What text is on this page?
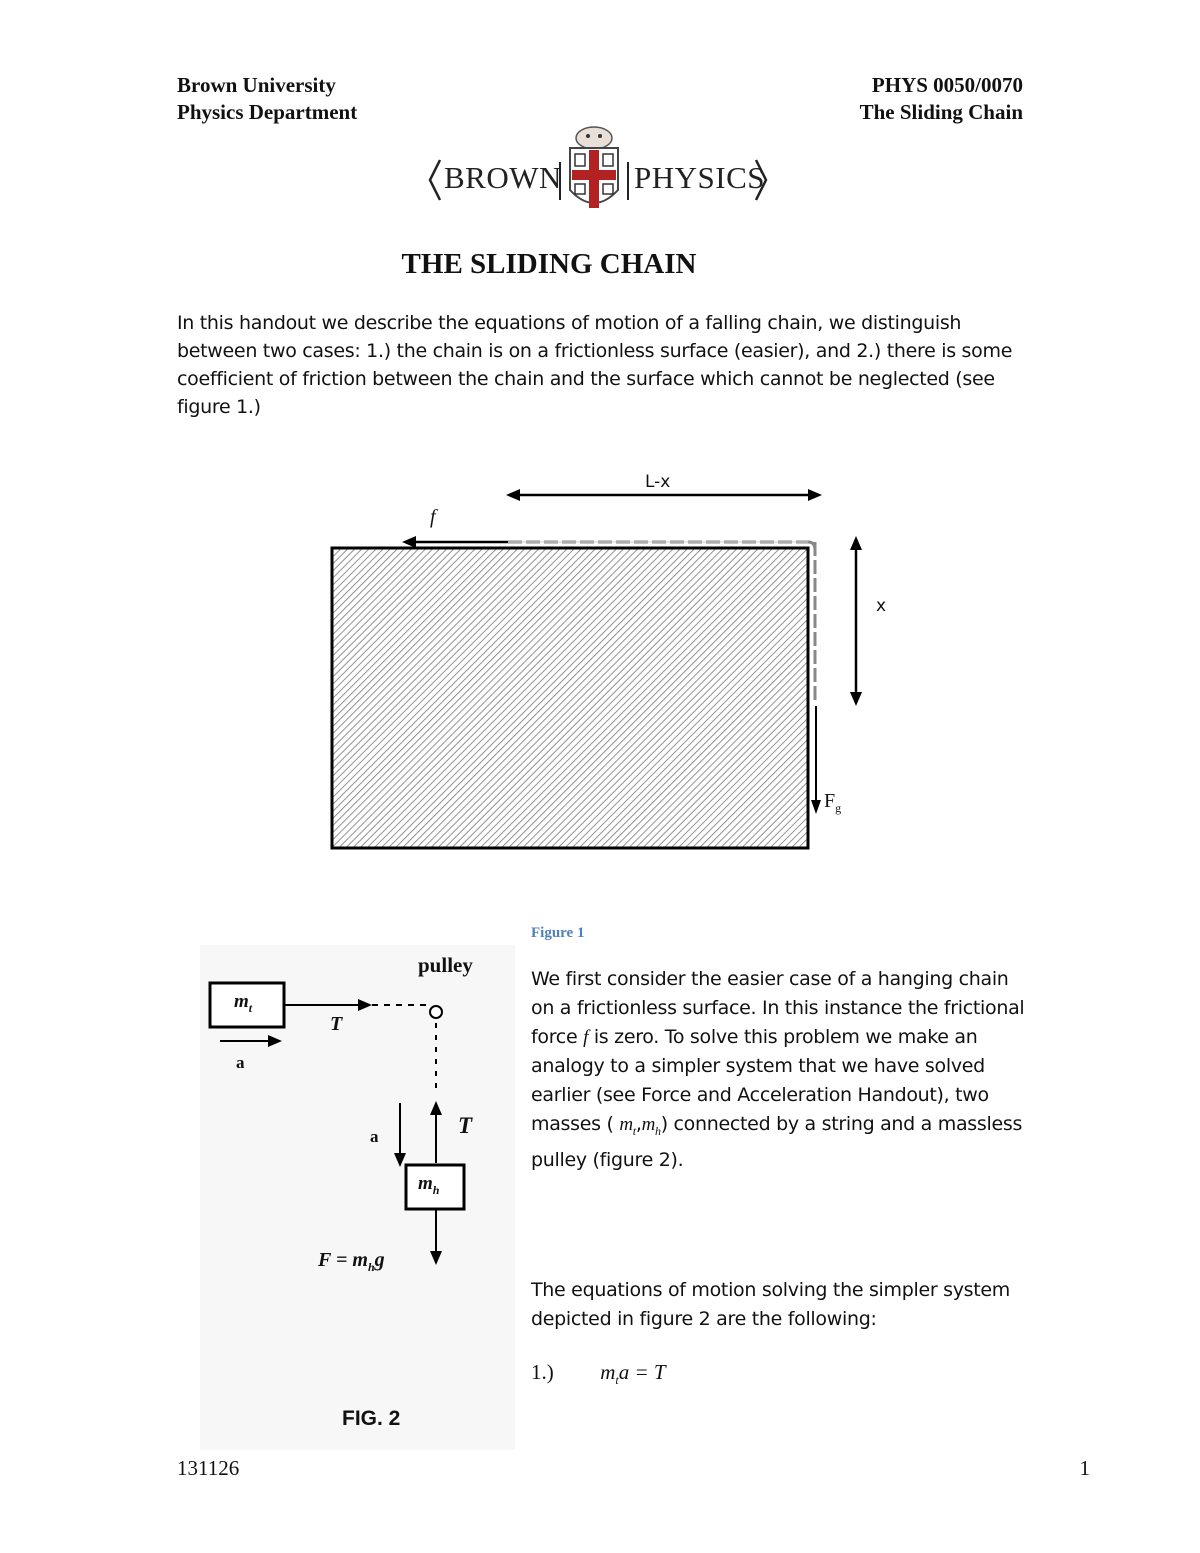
Brown University
Physics Department
PHYS 0050/0070
The Sliding Chain
BROWN PHYSICS
THE SLIDING CHAIN
In this handout we describe the equations of motion of a falling chain, we distinguish between two cases: 1.) the chain is on a frictionless surface (easier), and 2.) there is some coefficient of friction between the chain and the surface which cannot be neglected (see figure 1.)
L-x
f
x
$F_g$
pulley
$m_t$
T
a
T
a
$m_h$
$F = m_hg$
FIG. 2
Figure 1
We first consider the easier case of a hanging chain on a frictionless surface. In this instance the frictional force f is zero. To solve this problem we make an analogy to a simpler system that we have solved earlier (see Force and Acceleration Handout), two masses ( $m_t,m_h$) connected by a string and a massless pulley (figure 2).
The equations of motion solving the simpler system depicted in figure 2 are the following:
1.) $m_ta = T$
131126	1
